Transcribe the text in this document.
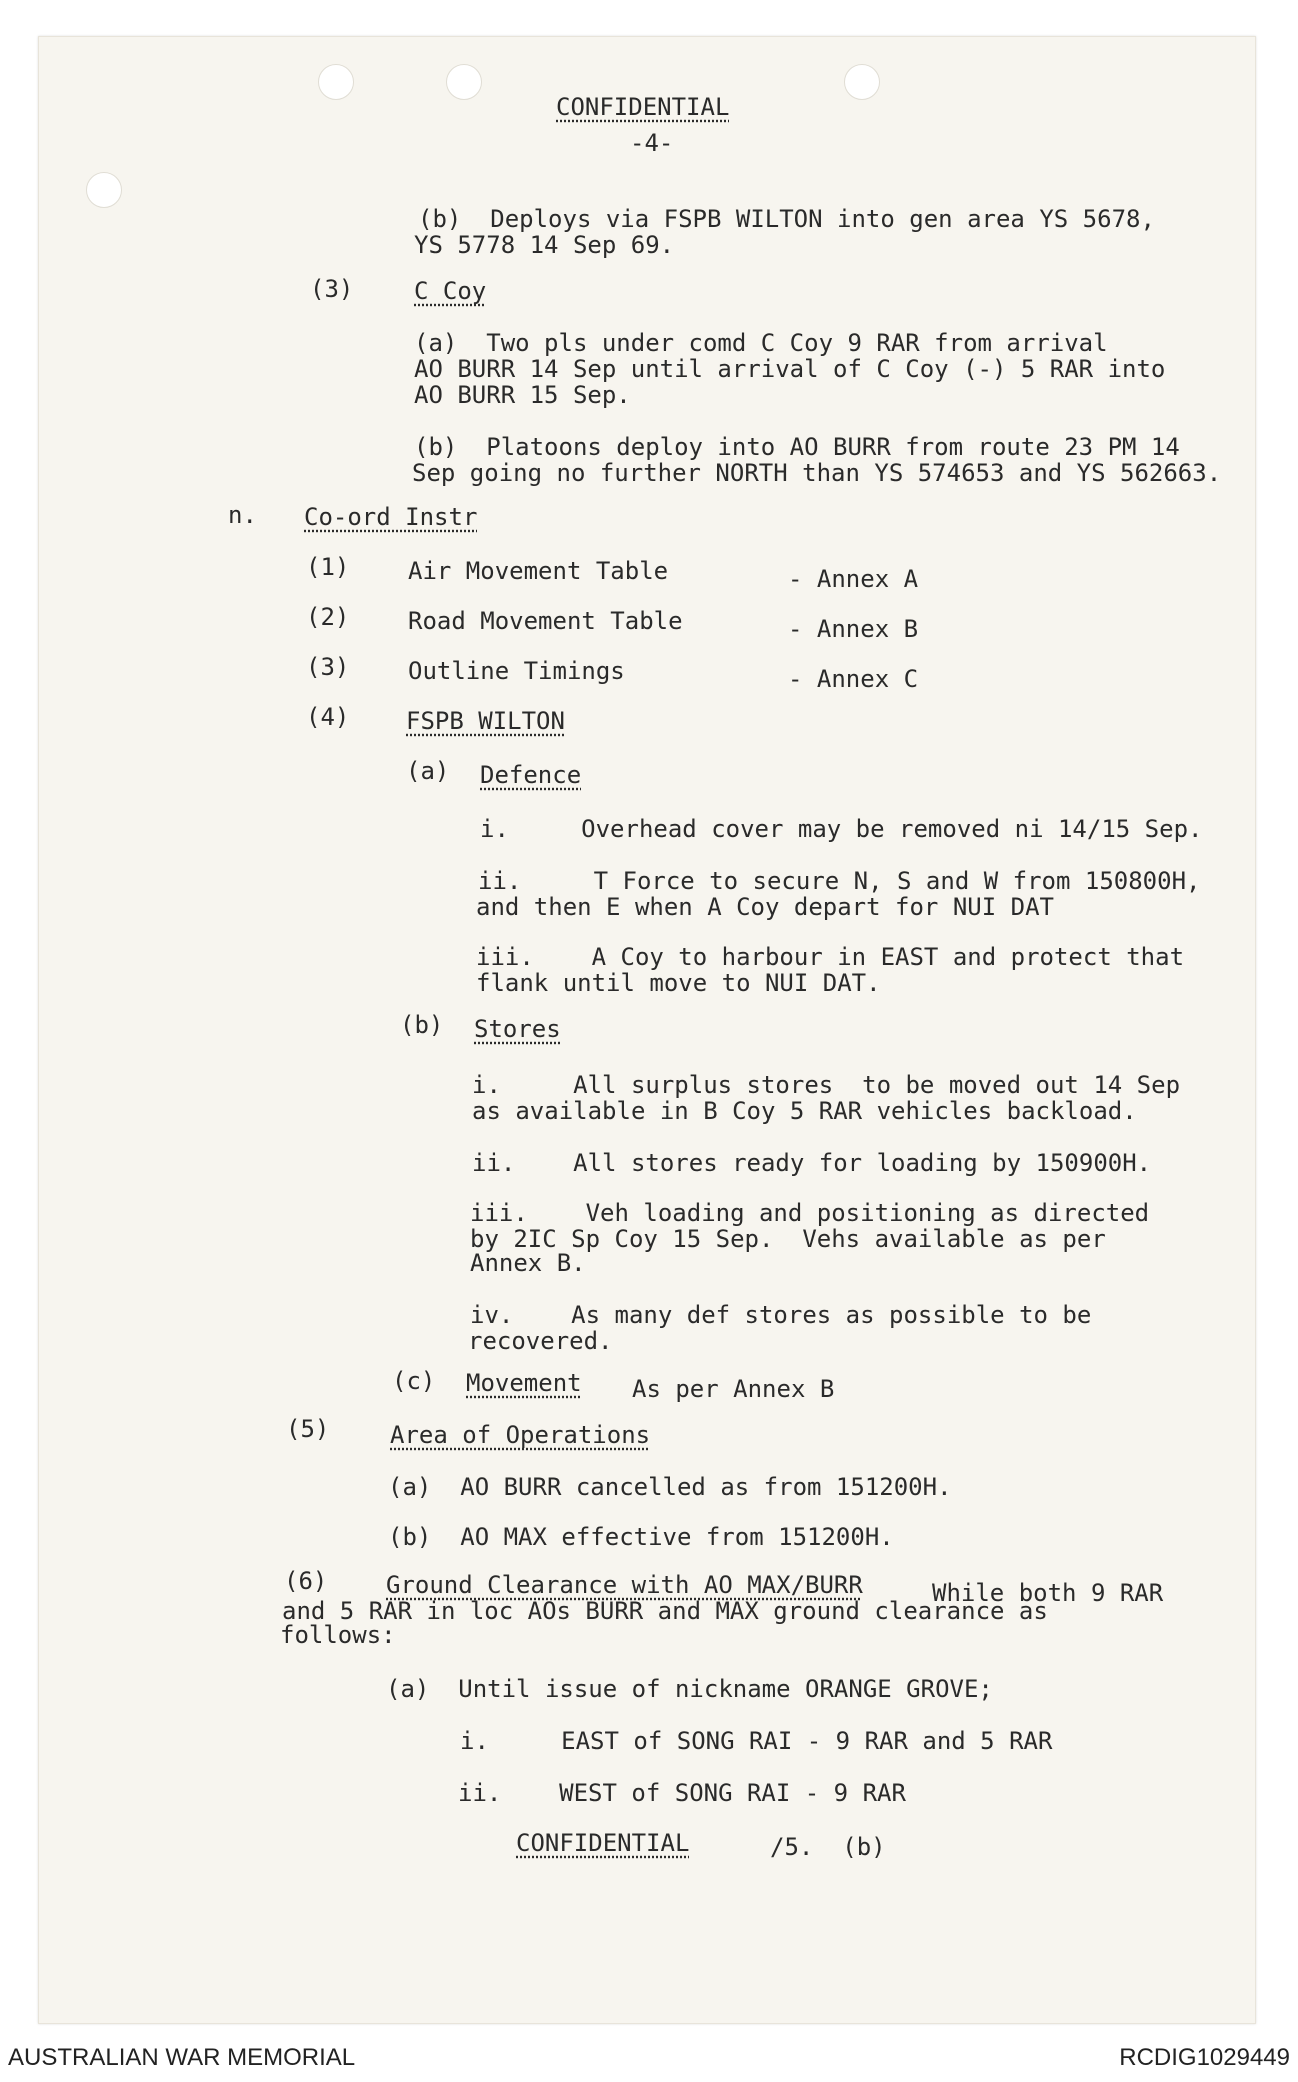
CONFIDENTIAL
-4-
(b)  Deploys via FSPB WILTON into gen area YS 5678,
YS 5778 14 Sep 69.
(3)	C Coy
(a)  Two pls under comd C Coy 9 RAR from arrival
AO BURR 14 Sep until arrival of C Coy (-) 5 RAR into
AO BURR 15 Sep.
(b)  Platoons deploy into AO BURR from route 23 PM 14
Sep going no further NORTH than YS 574653 and YS 562663.
n. Co-ord Instr
(1) Air Movement Table	- Annex A
(2) Road Movement Table	- Annex B
(3) Outline Timings	- Annex C
(4) FSPB WILTON
(a) Defence
i.     Overhead cover may be removed ni 14/15 Sep.
ii.     T Force to secure N, S and W from 150800H,
and then E when A Coy depart for NUI DAT
iii.    A Coy to harbour in EAST and protect that
flank until move to NUI DAT.
(b) Stores
i.     All surplus stores  to be moved out 14 Sep
as available in B Coy 5 RAR vehicles backload.
ii.    All stores ready for loading by 150900H.
iii.    Veh loading and positioning as directed
by 2IC Sp Coy 15 Sep.  Vehs available as per
Annex B.
iv.    As many def stores as possible to be
recovered.
(c) Movement As per Annex B
(5)	Area of Operations
(a)  AO BURR cancelled as from 151200H.
(b)  AO MAX effective from 151200H.
(6) Ground Clearance with AO MAX/BURR	While both 9 RAR
and 5 RAR in loc AOs BURR and MAX ground clearance as
follows:
(a)  Until issue of nickname ORANGE GROVE;
i.     EAST of SONG RAI - 9 RAR and 5 RAR
ii.    WEST of SONG RAI - 9 RAR
CONFIDENTIAL	/5.  (b)
AUSTRALIAN WAR MEMORIAL	RCDIG1029449
